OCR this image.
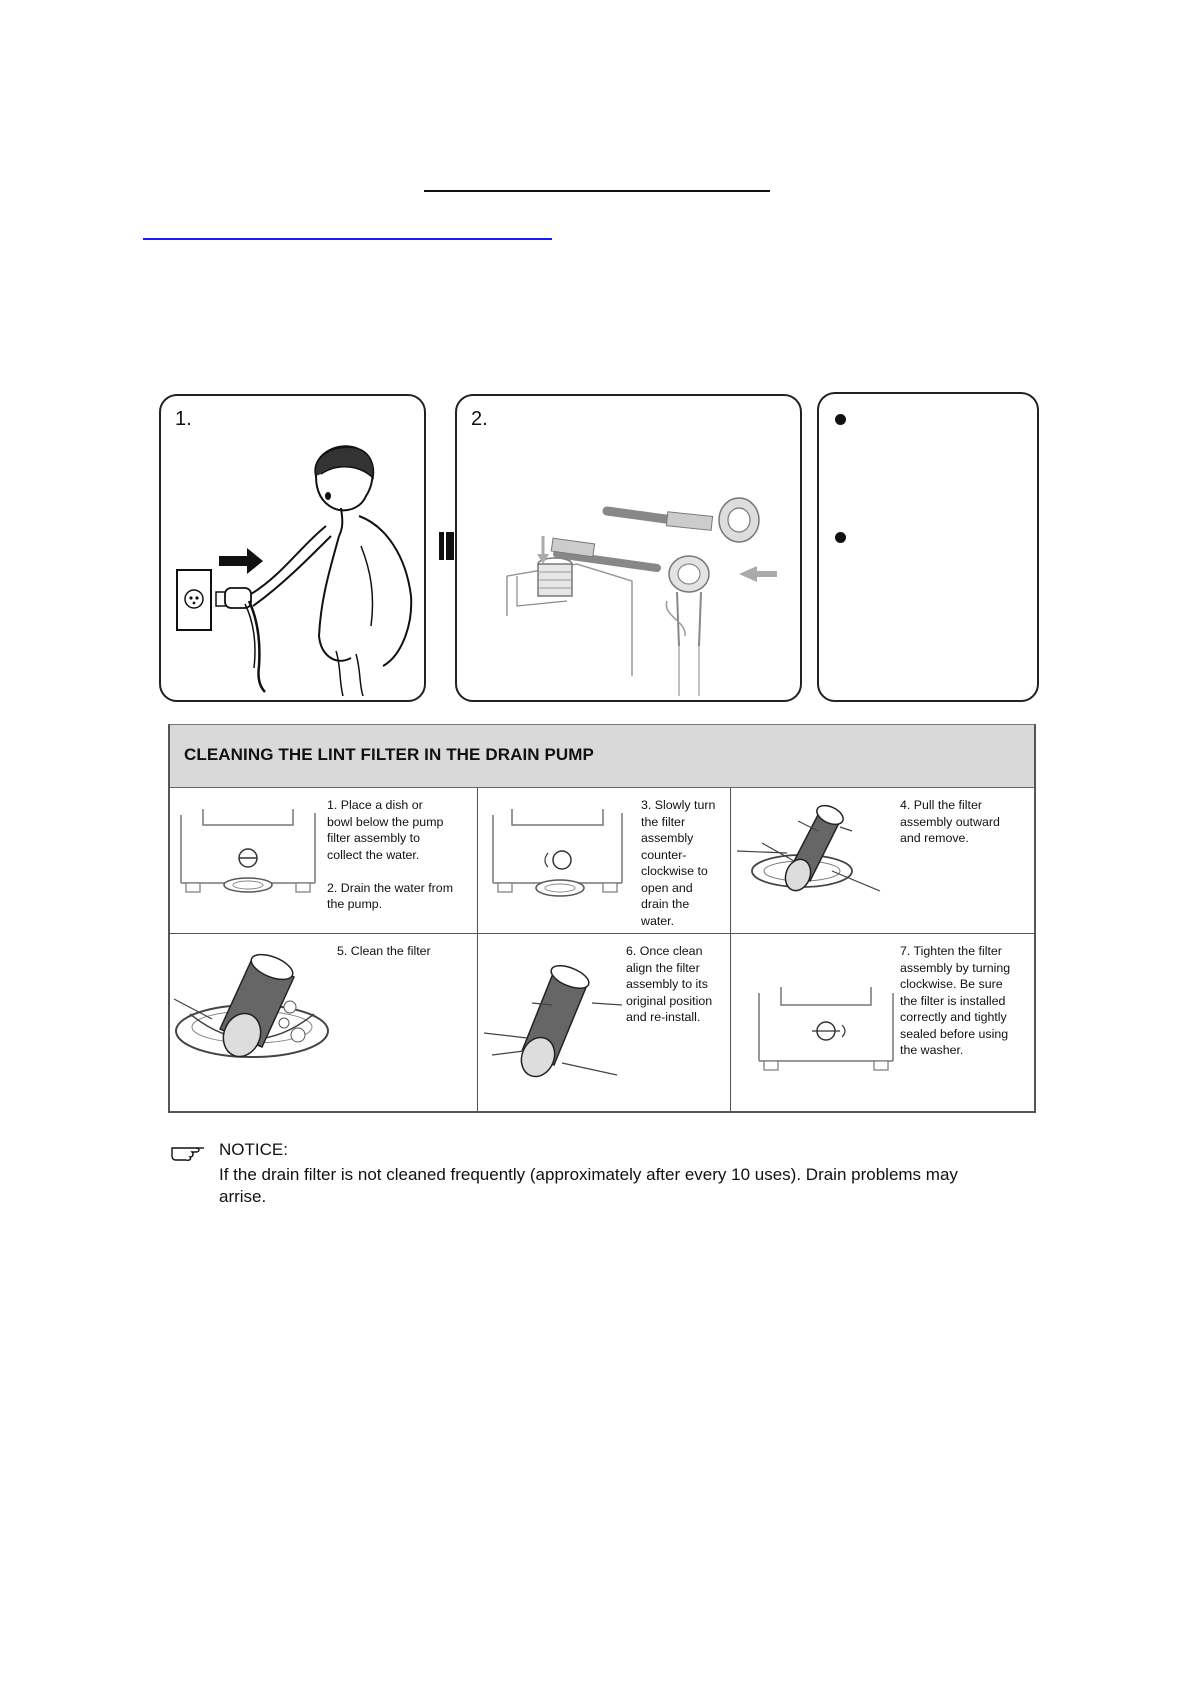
1.	2.
CLEANING THE LINT FILTER IN THE DRAIN PUMP
1. Place a dish or
bowl below the pump
filter assembly to
collect the water.

2. Drain the water from
the pump.
3. Slowly turn
the filter
assembly
counter-
clockwise to
open and
drain the
water.
4. Pull the filter
assembly outward
and remove.
5. Clean the filter	6. Once clean
align the filter
assembly to its
original position
and re-install.
7. Tighten the filter
assembly by turning
clockwise. Be sure
the filter is installed
correctly and tightly
sealed before using
the washer.
NOTICE:
If the drain filter is not cleaned frequently (approximately after every 10 uses). Drain problems may arrise.
